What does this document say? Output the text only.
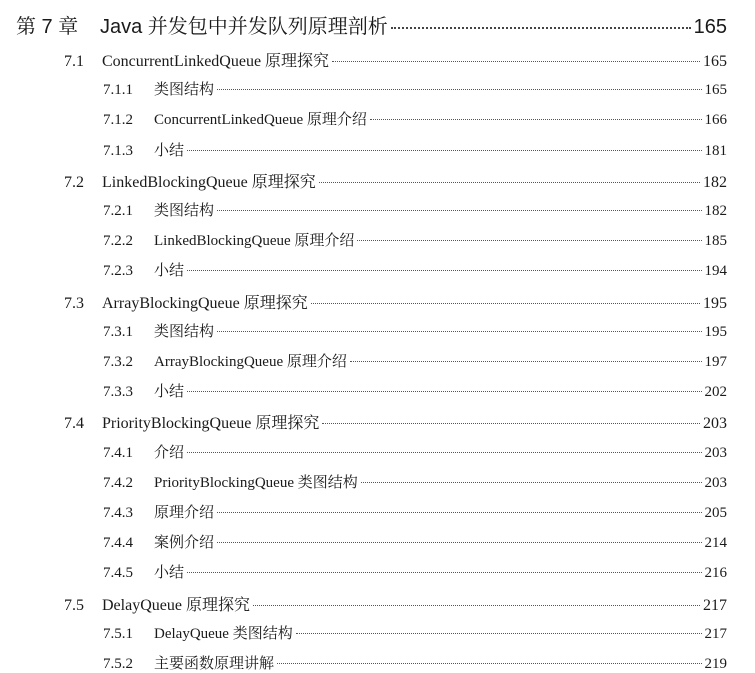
第 7 章	Java 并发包中并发队列原理剖析	165
7.1	ConcurrentLinkedQueue 原理探究	165
7.1.1	类图结构	165
7.1.2	ConcurrentLinkedQueue 原理介绍	166
7.1.3	小结	181
7.2	LinkedBlockingQueue 原理探究	182
7.2.1	类图结构	182
7.2.2	LinkedBlockingQueue 原理介绍	185
7.2.3	小结	194
7.3	ArrayBlockingQueue 原理探究	195
7.3.1	类图结构	195
7.3.2	ArrayBlockingQueue 原理介绍	197
7.3.3	小结	202
7.4	PriorityBlockingQueue 原理探究	203
7.4.1	介绍	203
7.4.2	PriorityBlockingQueue 类图结构	203
7.4.3	原理介绍	205
7.4.4	案例介绍	214
7.4.5	小结	216
7.5	DelayQueue 原理探究	217
7.5.1	DelayQueue 类图结构	217
7.5.2	主要函数原理讲解	219
